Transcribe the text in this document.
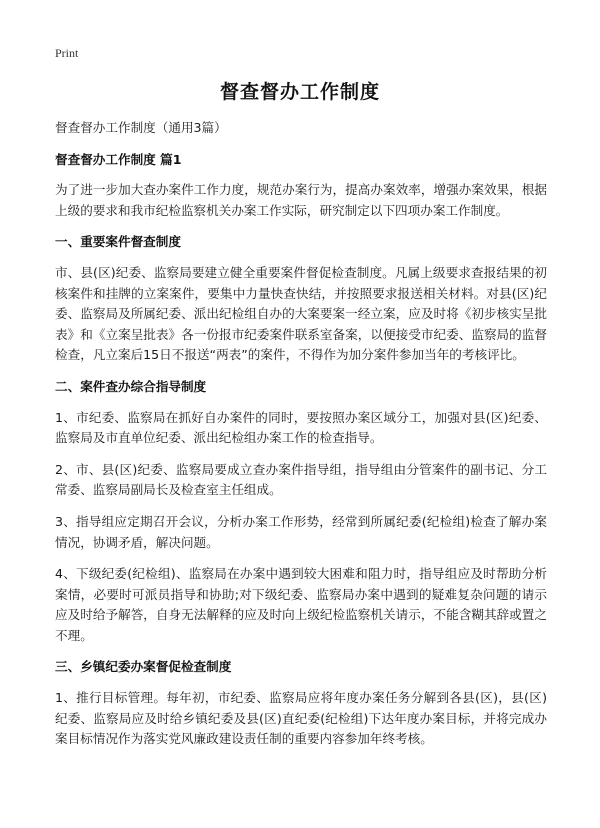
Print
督查督办工作制度

督查督办工作制度（通用3篇）

督查督办工作制度 篇1

为了进一步加大查办案件工作力度，规范办案行为，提高办案效率，增强办案效果，根据上级的要求和我市纪检监察机关办案工作实际，研究制定以下四项办案工作制度。

一、重要案件督查制度

市、县(区)纪委、监察局要建立健全重要案件督促检查制度。凡属上级要求查报结果的初核案件和挂牌的立案案件，要集中力量快查快结，并按照要求报送相关材料。对县(区)纪委、监察局及所属纪委、派出纪检组自办的大案要案一经立案，应及时将《初步核实呈批表》和《立案呈批表》各一份报市纪委案件联系室备案，以便接受市纪委、监察局的监督检查，凡立案后15日不报送“两表”的案件，不得作为加分案件参加当年的考核评比。

二、案件查办综合指导制度

1、市纪委、监察局在抓好自办案件的同时，要按照办案区域分工，加强对县(区)纪委、监察局及市直单位纪委、派出纪检组办案工作的检查指导。

2、市、县(区)纪委、监察局要成立查办案件指导组，指导组由分管案件的副书记、分工常委、监察局副局长及检查室主任组成。

3、指导组应定期召开会议，分析办案工作形势，经常到所属纪委(纪检组)检查了解办案情况，协调矛盾，解决问题。

4、下级纪委(纪检组)、监察局在办案中遇到较大困难和阻力时，指导组应及时帮助分析案情，必要时可派员指导和协助;对下级纪委、监察局办案中遇到的疑难复杂问题的请示应及时给予解答，自身无法解释的应及时向上级纪检监察机关请示，不能含糊其辞或置之不理。

三、乡镇纪委办案督促检查制度

1、推行目标管理。每年初，市纪委、监察局应将年度办案任务分解到各县(区)，县(区)纪委、监察局应及时给乡镇纪委及县(区)直纪委(纪检组)下达年度办案目标，并将完成办案目标情况作为落实党风廉政建设责任制的重要内容参加年终考核。
